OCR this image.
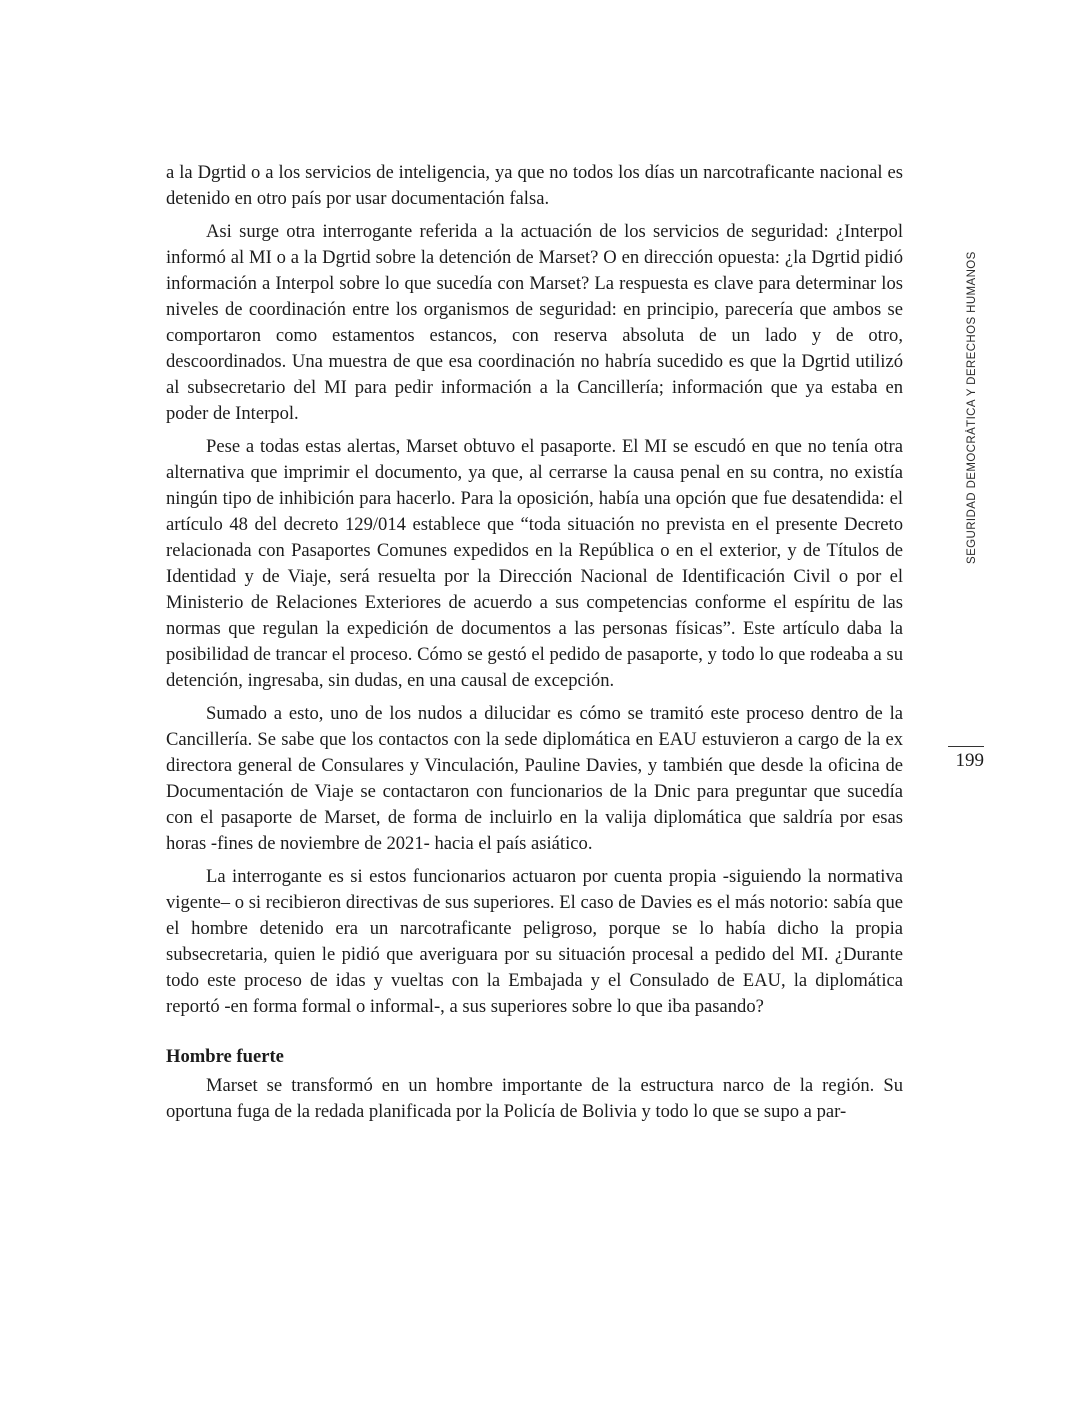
SEGURIDAD DEMOCRÁTICA Y DERECHOS HUMANOS
199

a la Dgrtid o a los servicios de inteligencia, ya que no todos los días un narcotraficante nacional es detenido en otro país por usar documentación falsa.

Asi surge otra interrogante referida a la actuación de los servicios de seguridad: ¿Interpol informó al MI o a la Dgrtid sobre la detención de Marset? O en dirección opuesta: ¿la Dgrtid pidió información a Interpol sobre lo que sucedía con Marset? La respuesta es clave para determinar los niveles de coordinación entre los organismos de seguridad: en principio, parecería que ambos se comportaron como estamentos estancos, con reserva absoluta de un lado y de otro, descoordinados. Una muestra de que esa coordinación no habría sucedido es que la Dgrtid utilizó al subsecretario del MI para pedir información a la Cancillería; información que ya estaba en poder de Interpol.

Pese a todas estas alertas, Marset obtuvo el pasaporte. El MI se escudó en que no tenía otra alternativa que imprimir el documento, ya que, al cerrarse la causa penal en su contra, no existía ningún tipo de inhibición para hacerlo. Para la oposición, había una opción que fue desatendida: el artículo 48 del decreto 129/014 establece que “toda situación no prevista en el presente Decreto relacionada con Pasaportes Comunes expedidos en la República o en el exterior, y de Títulos de Identidad y de Viaje, será resuelta por la Dirección Nacional de Identificación Civil o por el Ministerio de Relaciones Exteriores de acuerdo a sus competencias conforme el espíritu de las normas que regulan la expedición de documentos a las personas físicas”. Este artículo daba la posibilidad de trancar el proceso. Cómo se gestó el pedido de pasaporte, y todo lo que rodeaba a su detención, ingresaba, sin dudas, en una causal de excepción.

Sumado a esto, uno de los nudos a dilucidar es cómo se tramitó este proceso dentro de la Cancillería. Se sabe que los contactos con la sede diplomática en EAU estuvieron a cargo de la ex directora general de Consulares y Vinculación, Pauline Davies, y también que desde la oficina de Documentación de Viaje se contactaron con funcionarios de la Dnic para preguntar que sucedía con el pasaporte de Marset, de forma de incluirlo en la valija diplomática que saldría por esas horas -fines de noviembre de 2021- hacia el país asiático.

La interrogante es si estos funcionarios actuaron por cuenta propia -siguiendo la normativa vigente– o si recibieron directivas de sus superiores. El caso de Davies es el más notorio: sabía que el hombre detenido era un narcotraficante peligroso, porque se lo había dicho la propia subsecretaria, quien le pidió que averiguara por su situación procesal a pedido del MI. ¿Durante todo este proceso de idas y vueltas con la Embajada y el Consulado de EAU, la diplomática reportó -en forma formal o informal-, a sus superiores sobre lo que iba pasando?

Hombre fuerte

Marset se transformó en un hombre importante de la estructura narco de la región. Su oportuna fuga de la redada planificada por la Policía de Bolivia y todo lo que se supo a par-
